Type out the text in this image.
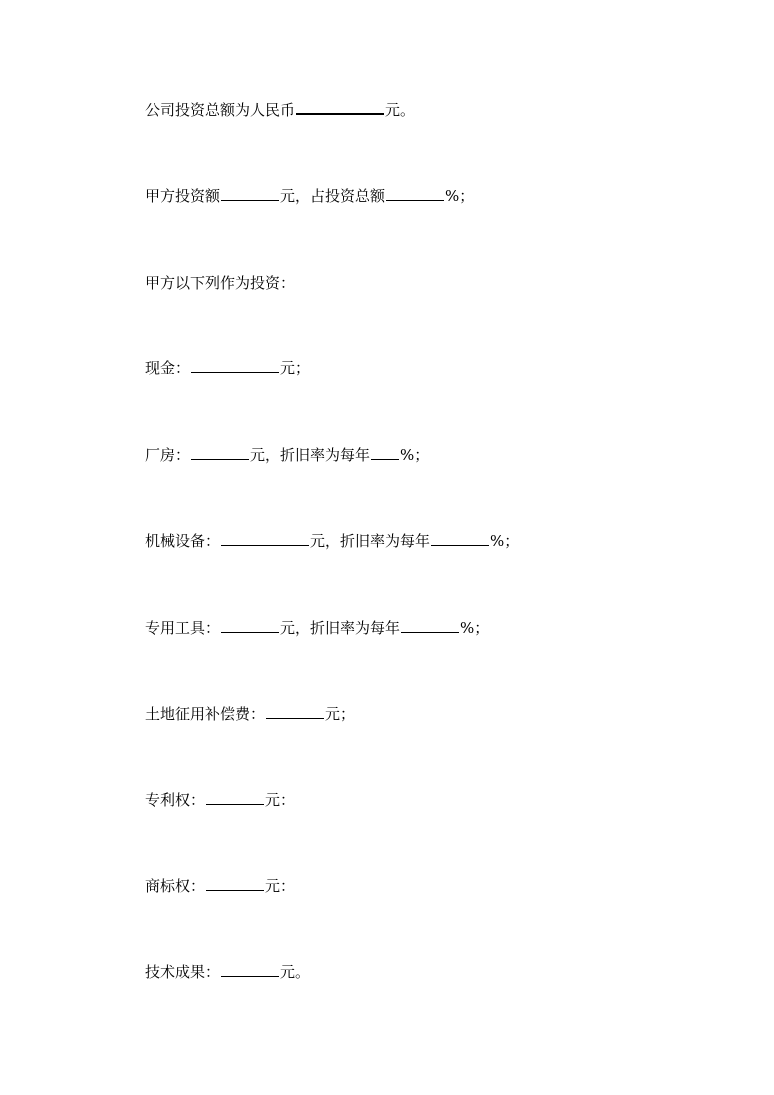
公司投资总额为人民币	元。
甲方投资额	元，占投资总额	%；
甲方以下列作为投资：
现金：	元；
厂房：	元，折旧率为每年 %；
机械设备：	元，折旧率为每年	%；
专用工具：	元，折旧率为每年	%；
土地征用补偿费：	元；
专利权：	元：
商标权：	元：
技术成果：	元。
